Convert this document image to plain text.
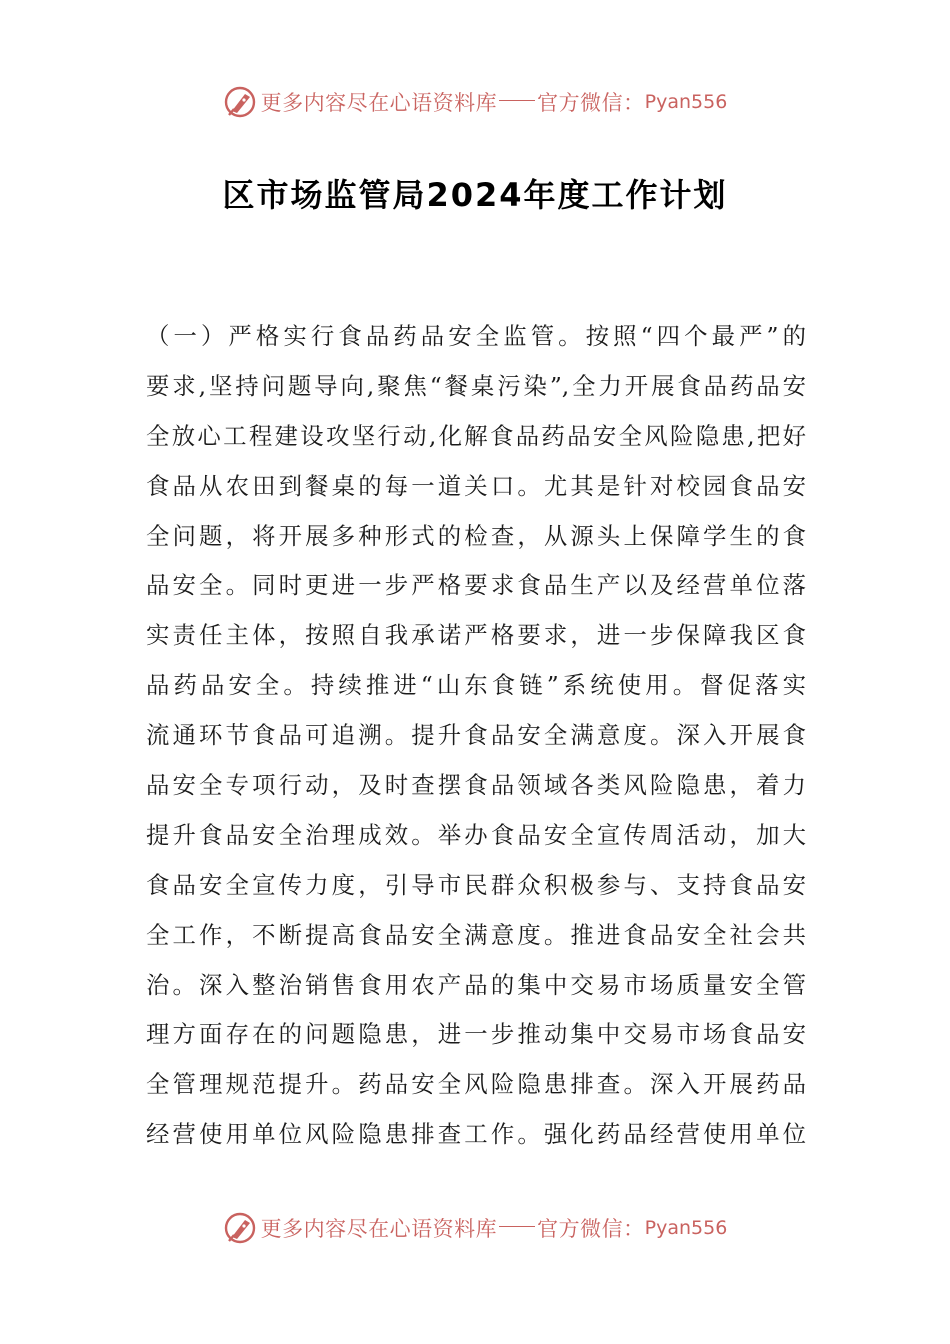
更多内容尽在心语资料库 官方微信： Pyan556
区市场监管局2024年度工作计划
（一）严格实行食品药品安全监管。按照“四个最严”的
要求,坚持问题导向,聚焦“餐桌污染”,全力开展食品药品安
全放心工程建设攻坚行动,化解食品药品安全风险隐患,把好
食品从农田到餐桌的每一道关口。尤其是针对校园食品安
全问题，将开展多种形式的检查，从源头上保障学生的食
品安全。同时更进一步严格要求食品生产以及经营单位落
实责任主体，按照自我承诺严格要求，进一步保障我区食
品药品安全。持续推进“山东食链”系统使用。督促落实
流通环节食品可追溯。提升食品安全满意度。深入开展食
品安全专项行动，及时查摆食品领域各类风险隐患，着力
提升食品安全治理成效。举办食品安全宣传周活动，加大
食品安全宣传力度，引导市民群众积极参与、支持食品安
全工作，不断提高食品安全满意度。推进食品安全社会共
治。深入整治销售食用农产品的集中交易市场质量安全管
理方面存在的问题隐患，进一步推动集中交易市场食品安
全管理规范提升。药品安全风险隐患排查。深入开展药品
经营使用单位风险隐患排查工作。强化药品经营使用单位
更多内容尽在心语资料库 官方微信： Pyan556
